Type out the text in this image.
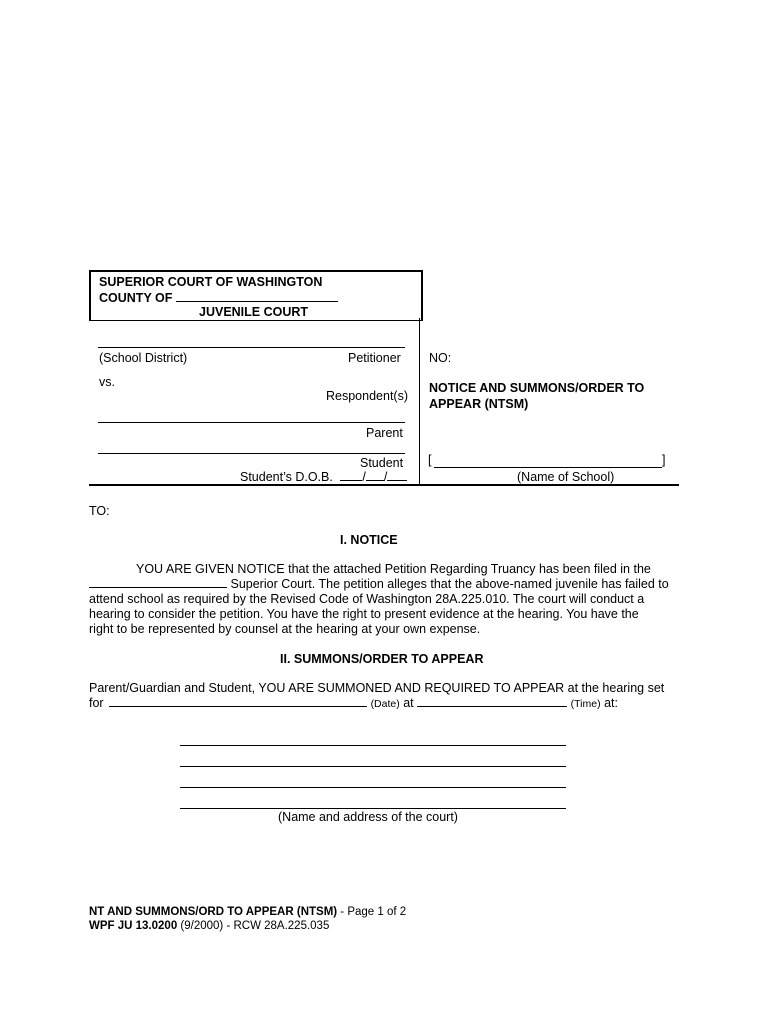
SUPERIOR COURT OF WASHINGTON
COUNTY OF
JUVENILE COURT
(School District)	Petitioner
vs.
Respondent(s)
Parent
Student
Student’s D.O.B. / /
NO:
NOTICE AND SUMMONS/ORDER TO
APPEAR (NTSM)
[	]
(Name of School)
TO:
I. NOTICE
YOU ARE GIVEN NOTICE that the attached Petition Regarding Truancy has been filed in the
Superior Court. The petition alleges that the above-named juvenile has failed to
attend school as required by the Revised Code of Washington 28A.225.010. The court will conduct a
hearing to consider the petition. You have the right to present evidence at the hearing. You have the
right to be represented by counsel at the hearing at your own expense.
II. SUMMONS/ORDER TO APPEAR
Parent/Guardian and Student, YOU ARE SUMMONED AND REQUIRED TO APPEAR at the hearing set
for	(Date) at	(Time) at:
(Name and address of the court)
NT AND SUMMONS/ORD TO APPEAR (NTSM) - Page 1 of 2
WPF JU 13.0200 (9/2000) - RCW 28A.225.035
